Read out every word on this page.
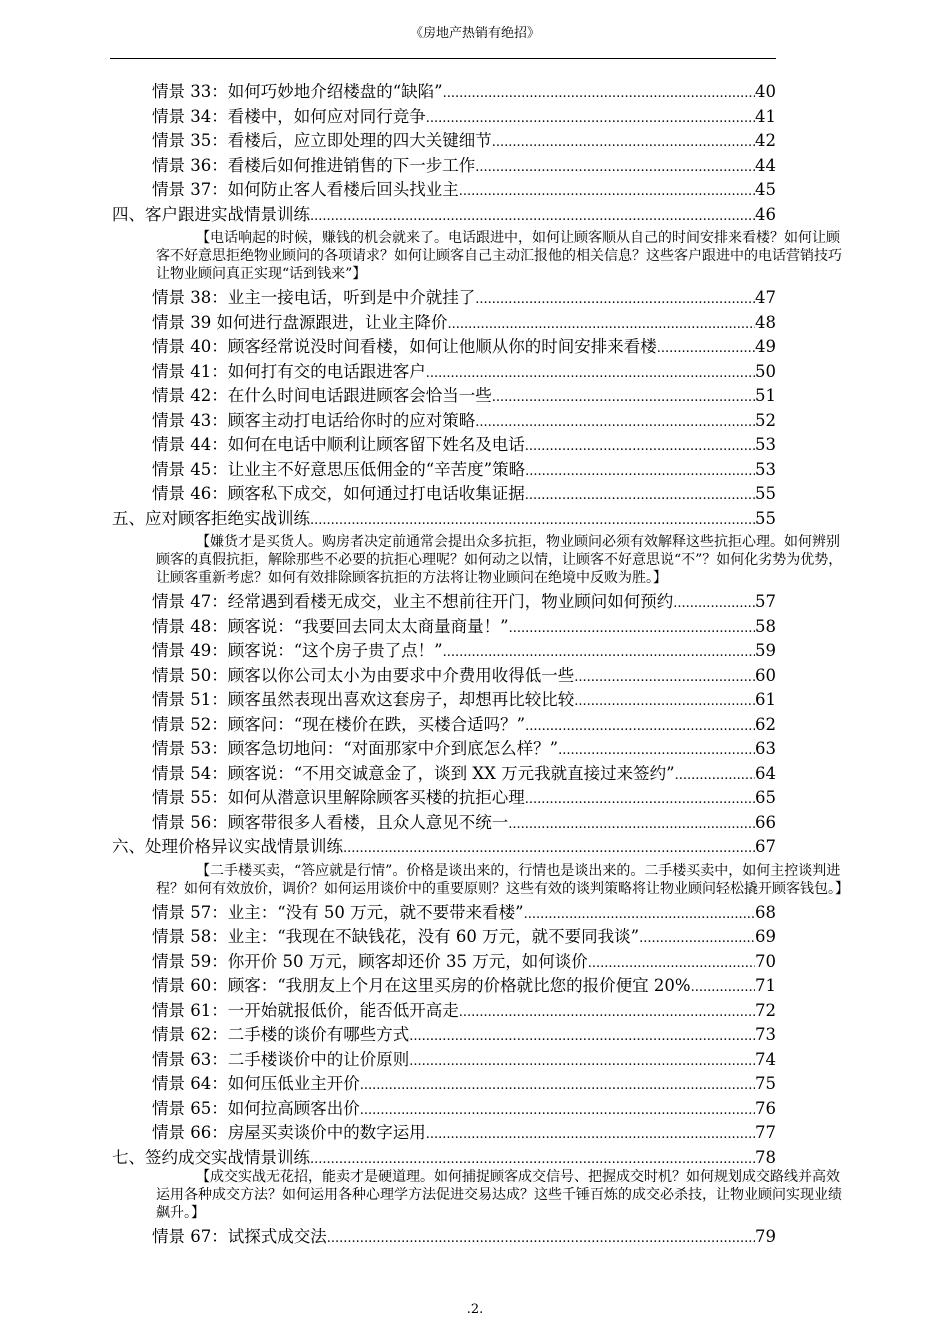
《房地产热销有绝招》
情景 33：如何巧妙地介绍楼盘的“缺陷” .....	40
情景 34：看楼中，如何应对同行竞争 .....	41
情景 35：看楼后，应立即处理的四大关键细节 .....	42
情景 36：看楼后如何推进销售的下一步工作 .....	44
情景 37：如何防止客人看楼后回头找业主 .....	45
四、客户跟进实战情景训练 .....	46
【电话响起的时候，赚钱的机会就来了。电话跟进中，如何让顾客顺从自己的时间安排来看楼？如何让顾客不好意思拒绝物业顾问的各项请求？如何让顾客自己主动汇报他的相关信息？这些客户跟进中的电话营销技巧让物业顾问真正实现“话到钱来”】
情景 38：业主一接电话，听到是中介就挂了 .....	47
情景 39 如何进行盘源跟进，让业主降价 .....	48
情景 40：顾客经常说没时间看楼，如何让他顺从你的时间安排来看楼 .....	49
情景 41：如何打有交的电话跟进客户 .....	50
情景 42：在什么时间电话跟进顾客会恰当一些 .....	51
情景 43：顾客主动打电话给你时的应对策略 .....	52
情景 44：如何在电话中顺利让顾客留下姓名及电话 .....	53
情景 45：让业主不好意思压低佣金的“辛苦度”策略 .....	53
情景 46：顾客私下成交，如何通过打电话收集证据 .....	55
五、应对顾客拒绝实战训练 .....	55
【嫌货才是买货人。购房者决定前通常会提出众多抗拒，物业顾问必须有效解释这些抗拒心理。如何辨别顾客的真假抗拒，解除那些不必要的抗拒心理呢？如何动之以情，让顾客不好意思说“不”？如何化劣势为优势，让顾客重新考虑？如何有效排除顾客抗拒的方法将让物业顾问在绝境中反败为胜。】
情景 47：经常遇到看楼无成交，业主不想前往开门，物业顾问如何预约 .....	57
情景 48：顾客说：“我要回去同太太商量商量！” .....	58
情景 49：顾客说：“这个房子贵了点！” .....	59
情景 50：顾客以你公司太小为由要求中介费用收得低一些 .....	60
情景 51：顾客虽然表现出喜欢这套房子，却想再比较比较 .....	61
情景 52：顾客问：“现在楼价在跌，买楼合适吗？” .....	62
情景 53：顾客急切地问：“对面那家中介到底怎么样？” .....	63
情景 54：顾客说：“不用交诚意金了，谈到 XX 万元我就直接过来签约” .....	64
情景 55：如何从潜意识里解除顾客买楼的抗拒心理 .....	65
情景 56：顾客带很多人看楼，且众人意见不统一 .....	66
六、处理价格异议实战情景训练 .....	67
【二手楼买卖，“答应就是行情”。价格是谈出来的，行情也是谈出来的。二手楼买卖中，如何主控谈判进程？如何有效放价，调价？如何运用谈价中的重要原则？这些有效的谈判策略将让物业顾问轻松撬开顾客钱包。】
情景 57：业主：“没有 50 万元，就不要带来看楼” .....	68
情景 58：业主：“我现在不缺钱花，没有 60 万元，就不要同我谈” .....	69
情景 59：你开价 50 万元，顾客却还价 35 万元，如何谈价 .....	70
情景 60：顾客：“我朋友上个月在这里买房的价格就比您的报价便宜 20% .....	71
情景 61：一开始就报低价，能否低开高走 .....	72
情景 62：二手楼的谈价有哪些方式 .....	73
情景 63：二手楼谈价中的让价原则 .....	74
情景 64：如何压低业主开价 .....	75
情景 65：如何拉高顾客出价 .....	76
情景 66：房屋买卖谈价中的数字运用 .....	77
七、签约成交实战情景训练 .....	78
【成交实战无花招，能卖才是硬道理。如何捕捉顾客成交信号、把握成交时机？如何规划成交路线并高效运用各种成交方法？如何运用各种心理学方法促进交易达成？这些千锤百炼的成交必杀技，让物业顾问实现业绩飙升。】
情景 67：试探式成交法 .....	79
.2.
